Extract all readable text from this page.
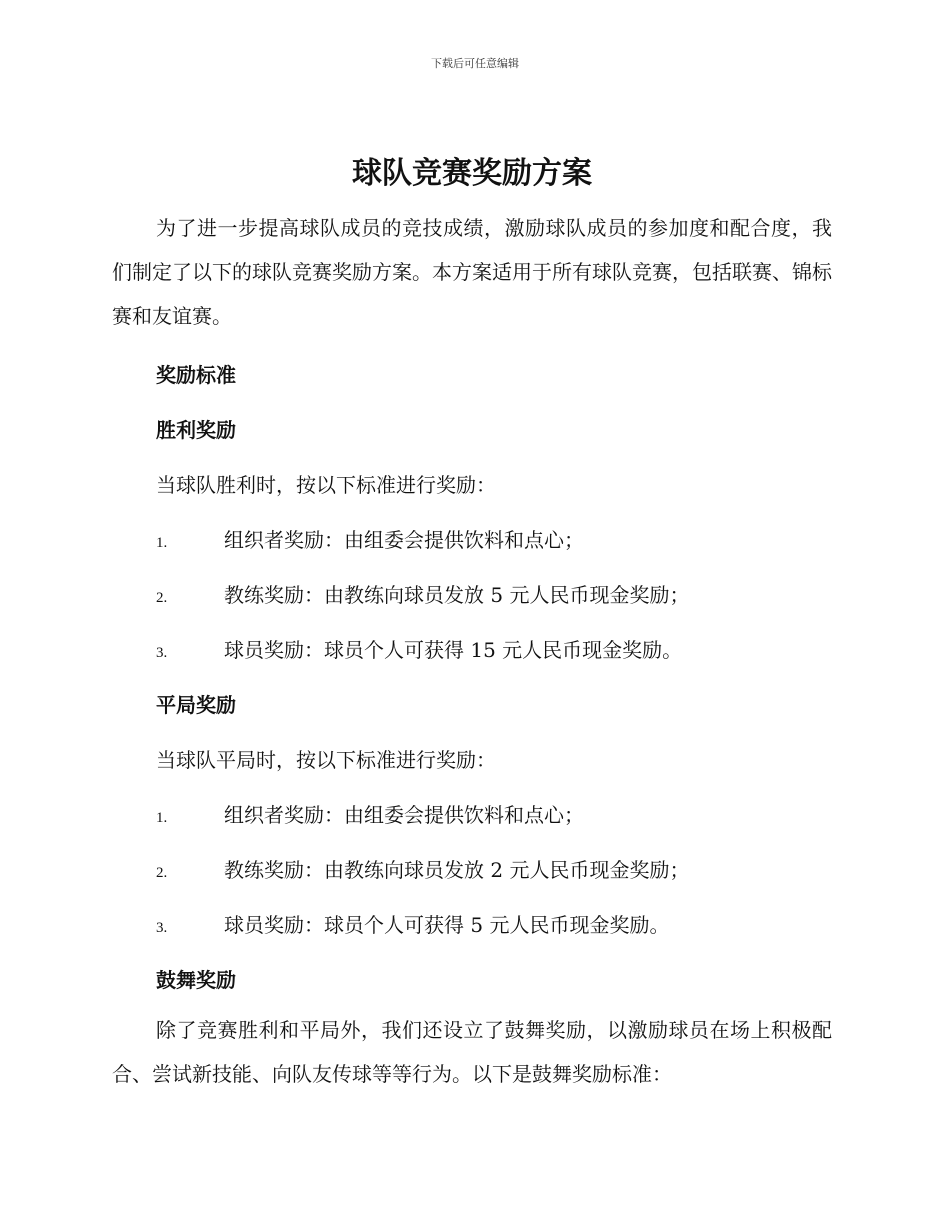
下载后可任意编辑
球队竞赛奖励方案

为了进一步提高球队成员的竞技成绩，激励球队成员的参加度和配合度，我们制定了以下的球队竞赛奖励方案。本方案适用于所有球队竞赛，包括联赛、锦标赛和友谊赛。

奖励标准
胜利奖励
当球队胜利时，按以下标准进行奖励：
1.	组织者奖励：由组委会提供饮料和点心；
2.	教练奖励：由教练向球员发放 5 元人民币现金奖励；
3.	球员奖励：球员个人可获得 15 元人民币现金奖励。
平局奖励
当球队平局时，按以下标准进行奖励：
1.	组织者奖励：由组委会提供饮料和点心；
2.	教练奖励：由教练向球员发放 2 元人民币现金奖励；
3.	球员奖励：球员个人可获得 5 元人民币现金奖励。
鼓舞奖励

除了竞赛胜利和平局外，我们还设立了鼓舞奖励，以激励球员在场上积极配合、尝试新技能、向队友传球等等行为。以下是鼓舞奖励标准：
